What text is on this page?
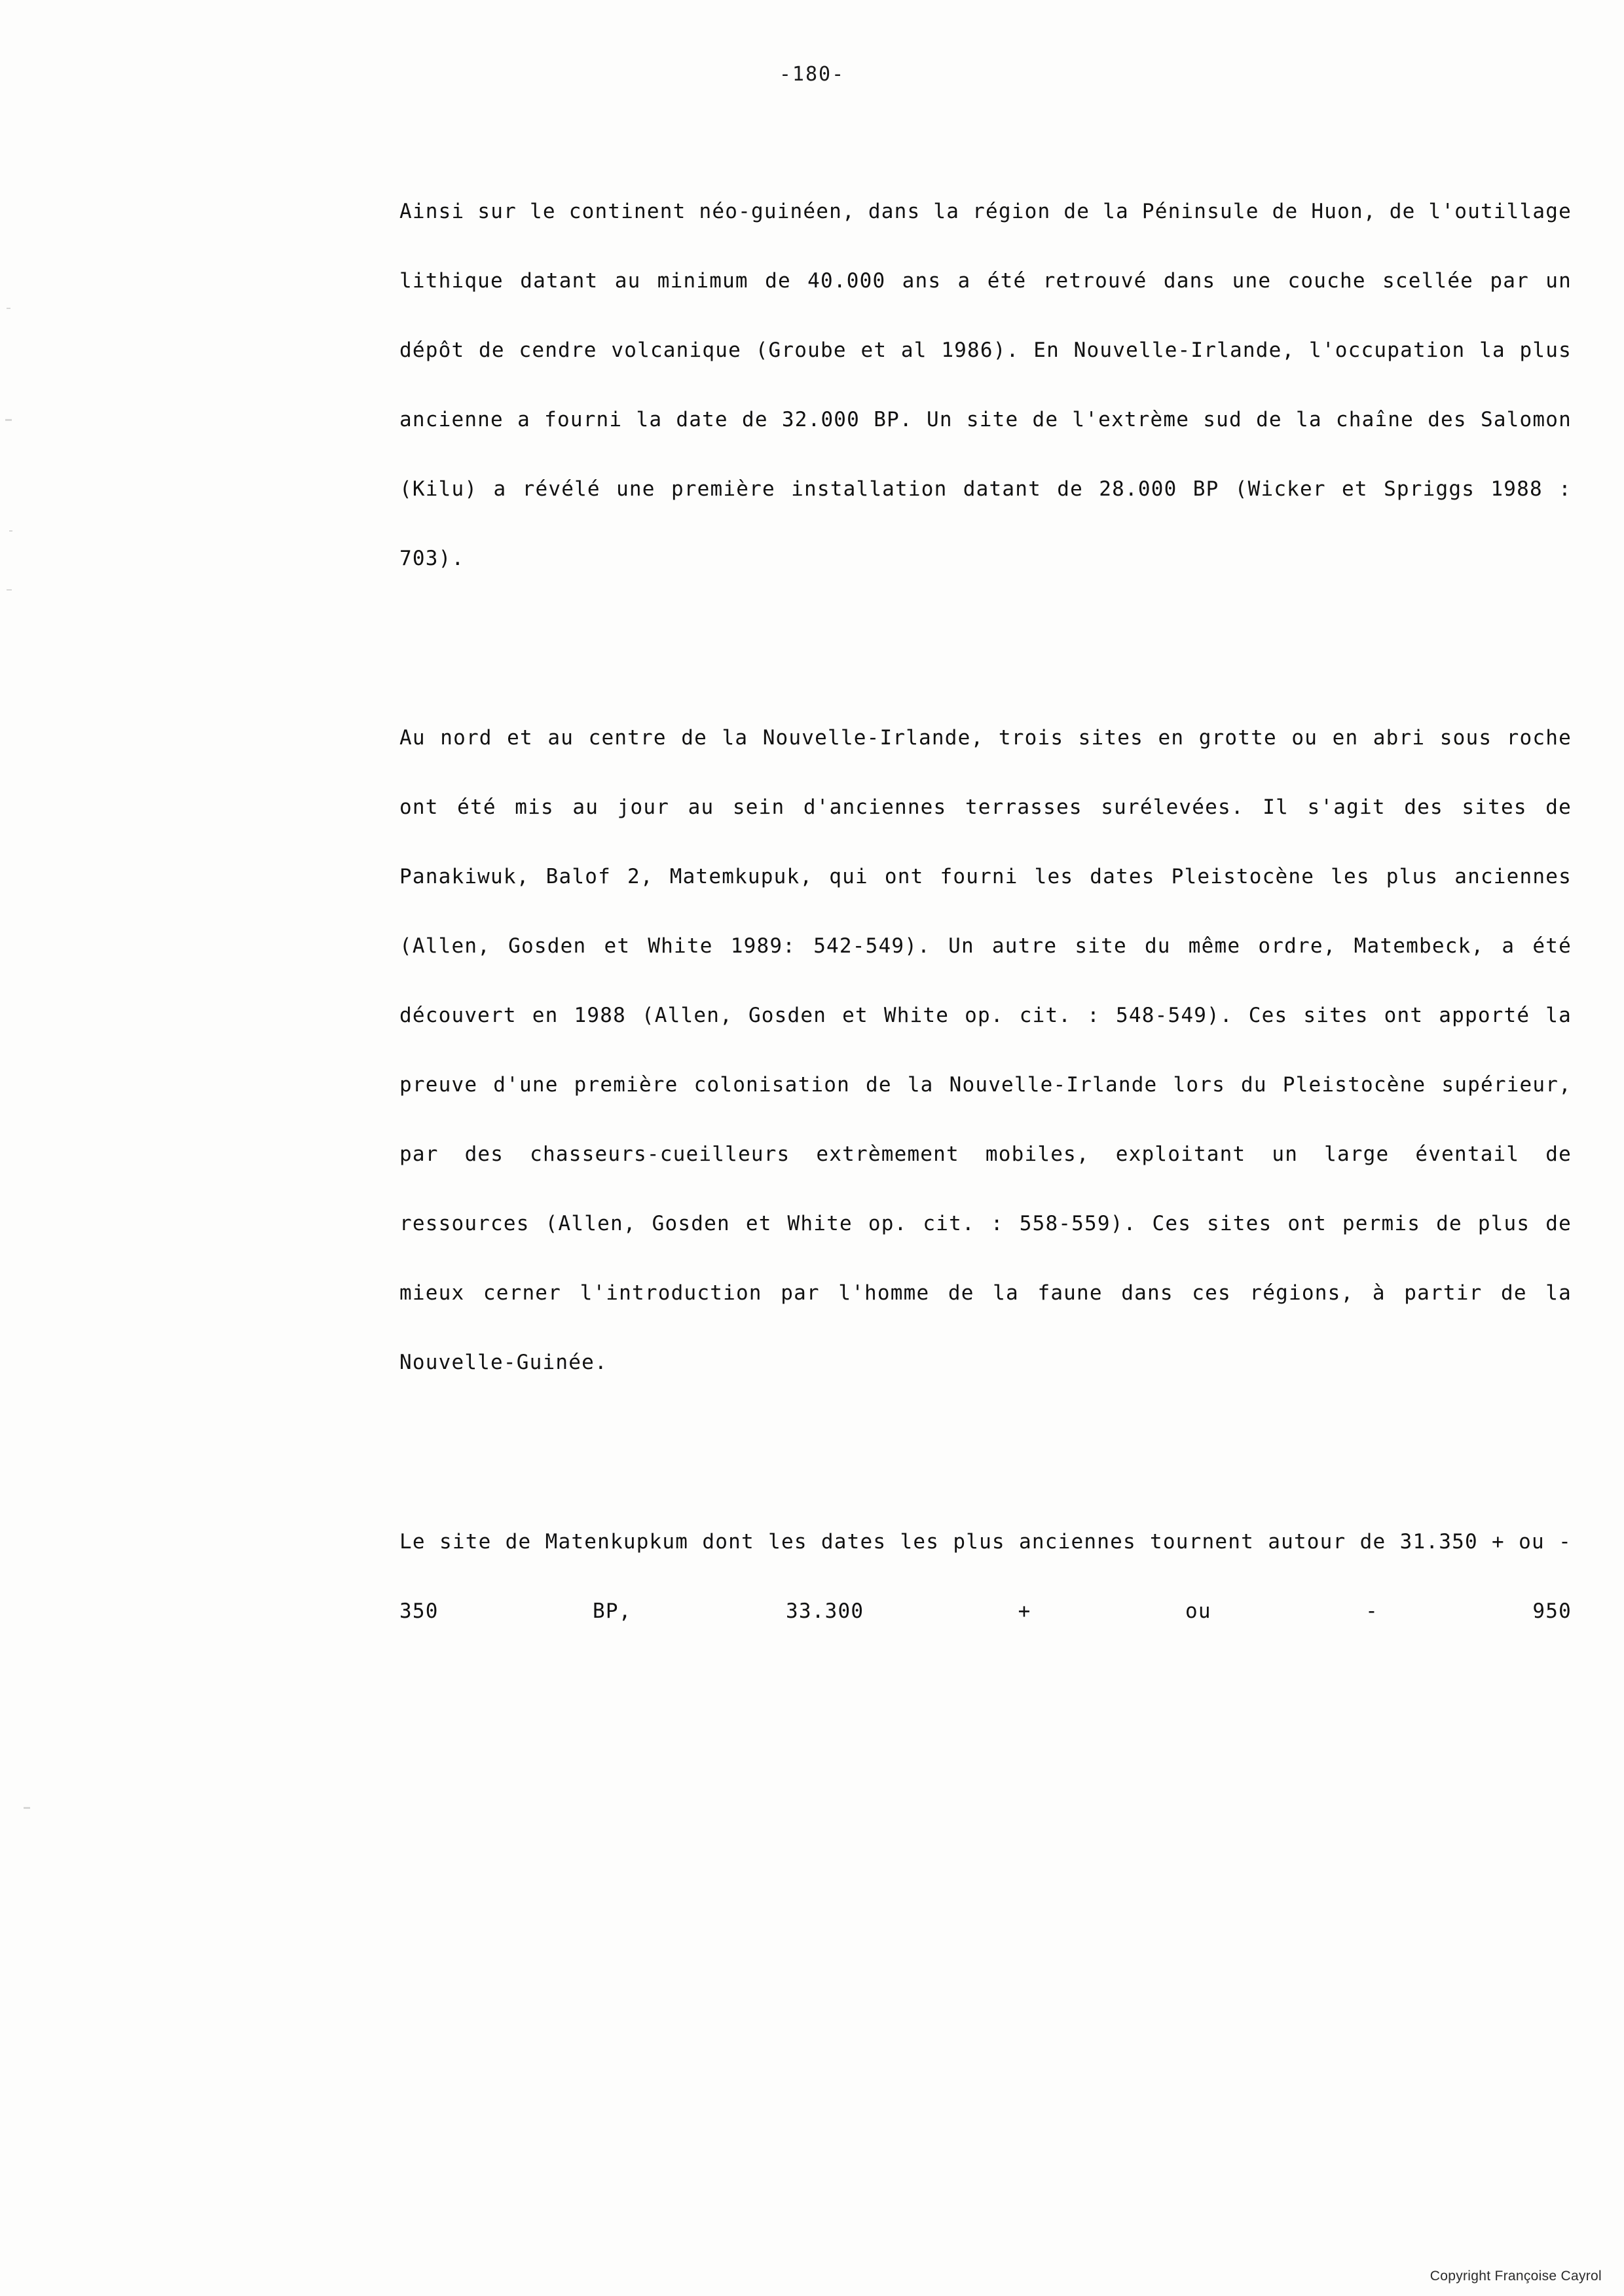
-180-

Ainsi sur le continent néo-guinéen, dans la région de la Péninsule de Huon, de l'outillage lithique datant au minimum de 40.000 ans a été retrouvé dans une couche scellée par un dépôt de cendre volcanique (Groube et al 1986). En Nouvelle-Irlande, l'occupation la plus ancienne a fourni la date de 32.000 BP. Un site de l'extrème sud de la chaîne des Salomon (Kilu) a révélé une première installation datant de 28.000 BP (Wicker et Spriggs 1988 : 703).

Au nord et au centre de la Nouvelle-Irlande, trois sites en grotte ou en abri sous roche ont été mis au jour au sein d'anciennes terrasses surélevées. Il s'agit des sites de Panakiwuk, Balof 2, Matemkupuk, qui ont fourni les dates Pleistocène les plus anciennes (Allen, Gosden et White 1989: 542-549). Un autre site du même ordre, Matembeck, a été découvert en 1988 (Allen, Gosden et White op. cit. : 548-549). Ces sites ont apporté la preuve d'une première colonisation de la Nouvelle-Irlande lors du Pleistocène supérieur, par des chasseurs-cueilleurs extrèmement mobiles, exploitant un large éventail de ressources (Allen, Gosden et White op. cit. : 558-559). Ces sites ont permis de plus de mieux cerner l'introduction par l'homme de la faune dans ces régions, à partir de la Nouvelle-Guinée.

Le site de Matenkupkum dont les dates les plus anciennes tournent autour de 31.350 + ou - 350 BP, 33.300 + ou - 950

Copyright Françoise Cayrol
